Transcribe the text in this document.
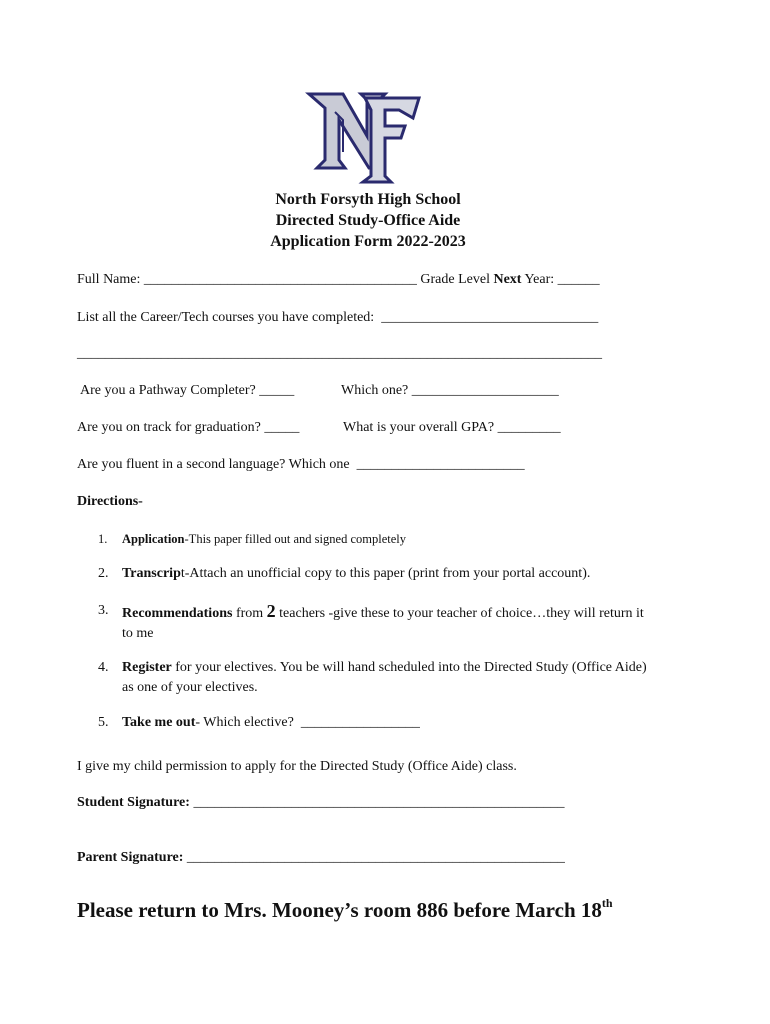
North Forsyth High School
Directed Study-Office Aide
Application Form 2022-2023
Full Name: _______________________________________ Grade Level Next Year: ______
List all the Career/Tech courses you have completed: _______________________________
___________________________________________________________________________
Are you a Pathway Completer? _____	Which one? _____________________
Are you on track for graduation? _____	What is your overall GPA? _________
Are you fluent in a second language? Which one ________________________
Directions-
1. Application-This paper filled out and signed completely
2. Transcript-Attach an unofficial copy to this paper (print from your portal account).
3. Recommendations from 2 teachers -give these to your teacher of choice…they will return it to me
4. Register for your electives. You be will hand scheduled into the Directed Study (Office Aide) as one of your electives.
5. Take me out- Which elective? _________________
I give my child permission to apply for the Directed Study (Office Aide) class.
Student Signature: _____________________________________________________
Parent Signature: ______________________________________________________
Please return to Mrs. Mooney’s room 886 before March 18th
